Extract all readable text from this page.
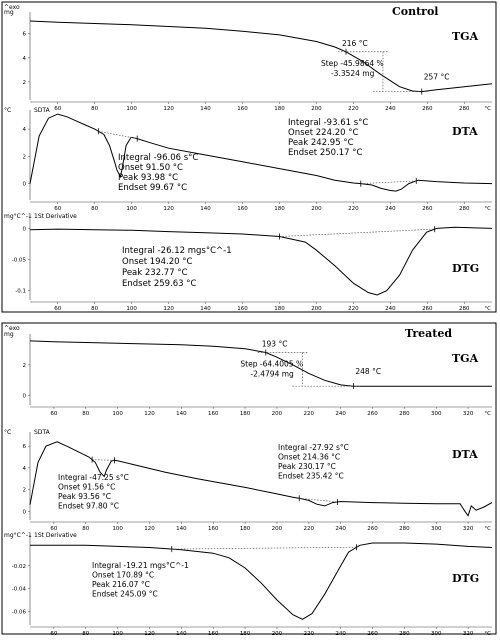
^exo	Control
6
4
2
60	80	100	120	140	160	180	200	220	240	260	280	°C
mg
TGA
216 °C
257 °C
Step -45.9864 %
-3.3524 mg
4
2
0
60	80	100	120	140	160	180	200	220	240	260	280	°C
°C	SDTA
DTA
Integral -96.06 s°C
Onset 91.50 °C
Peak 93.98 °C
Endset 99.67 °C
Integral -93.61 s°C
Onset 224.20 °C
Peak 242.95 °C
Endset 250.17 °C
0
-0.05
-0.1
60	80	100	120	140	160	180	200	220	240	260	280	°C
mg°C^-1 1St Derivative
DTG
Integral -26.12 mgs°C^-1
Onset 194.20 °C
Peak 232.77 °C
Endset 259.63 °C
^exo	Treated
2
0
60	80	100	120	140	160	180	200	220	240	260	280	300	320 °C
mg
TGA
193 °C
248 °C
Step -64.4005 %
-2.4794 mg
6
4
2
0
60	80	100	120	140	160	180	200	220	240	260	280	300	320 °C
°C	SDTA
DTA
Integral -47.25 s°C
Onset 91.56 °C
Peak 93.56 °C
Endset 97.80 °C
Integral -27.92 s°C
Onset 214.36 °C
Peak 230.17 °C
Endset 235.42 °C
-0.02
-0.04
-0.06
60	80	100	120	140	160	180	200	220	240	260	280	300	320 °C
mg°C^-1 1St Derivative
DTG
Integral -19.21 mgs°C^-1
Onset 170.89 °C
Peak 216.07 °C
Endset 245.09 °C
